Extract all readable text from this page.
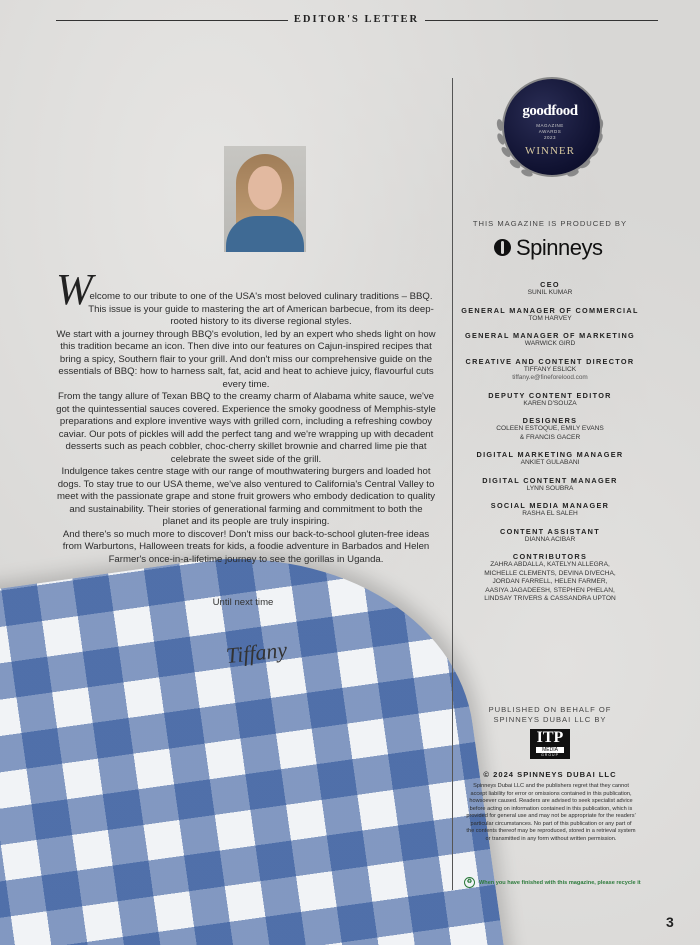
EDITOR'S LETTER
W

elcome to our tribute to one of the USA's most beloved culinary traditions – BBQ. This issue is your guide to mastering the art of American barbecue, from its deep-rooted history to its diverse regional styles.

We start with a journey through BBQ's evolution, led by an expert who sheds light on how this tradition became an icon. Then dive into our features on Cajun-inspired recipes that bring a spicy, Southern flair to your grill. And don't miss our comprehensive guide on the essentials of BBQ: how to harness salt, fat, acid and heat to achieve juicy, flavourful cuts every time.

From the tangy allure of Texan BBQ to the creamy charm of Alabama white sauce, we've got the quintessential sauces covered. Experience the smoky goodness of Memphis-style preparations and explore inventive ways with grilled corn, including a refreshing cowboy caviar. Our pots of pickles will add the perfect tang and we're wrapping up with decadent desserts such as peach cobbler, choc-cherry skillet brownie and charred lime pie that celebrate the sweet side of the grill.

Indulgence takes centre stage with our range of mouthwatering burgers and loaded hot dogs. To stay true to our USA theme, we've also ventured to California's Central Valley to meet with the passionate grape and stone fruit growers who embody dedication to quality and sustainability. Their stories of generational farming and commitment to both the planet and its people are truly inspiring.

And there's so much more to discover! Don't miss our back-to-school gluten-free ideas from Warburtons, Halloween treats for kids, a foodie adventure in Barbados and Helen Farmer's once-in-a-lifetime journey to see the gorillas in Uganda.

Until next time
Tiffany
goodfood
MAGAZINE
AWARDS
2023
WINNER
THIS MAGAZINE IS PRODUCED BY
Spinneys
CEO
SUNIL KUMAR
GENERAL MANAGER OF COMMERCIAL
TOM HARVEY
GENERAL MANAGER OF MARKETING
WARWICK GIRD
CREATIVE AND CONTENT DIRECTOR
TIFFANY ESLICK
tiffany.e@fineforelood.com
DEPUTY CONTENT EDITOR
KAREN D'SOUZA
DESIGNERS
COLEEN ESTOQUE, EMILY EVANS
& FRANCIS GACER
DIGITAL MARKETING MANAGER
ANKIET GULABANI
DIGITAL CONTENT MANAGER
LYNN SOUBRA
SOCIAL MEDIA MANAGER
RASHA EL SALEH
CONTENT ASSISTANT
DIANNA ACIBAR
CONTRIBUTORS
ZAHRA ABDALLA, KATELYN ALLEGRA,
MICHELLE CLEMENTS, DEVINA DIVECHA,
JORDAN FARRELL, HELEN FARMER,
AASIYA JAGADEESH, STEPHEN PHELAN,
LINDSAY TRIVERS & CASSANDRA UPTON
PUBLISHED ON BEHALF OF
SPINNEYS DUBAI LLC BY
ITP
MEDIA
GROUP
© 2024 SPINNEYS DUBAI LLC
Spinneys Dubai LLC and the publishers regret that they cannot accept liability for error or omissions contained in this publication, howsoever caused. Readers are advised to seek specialist advice before acting on information contained in this publication, which is provided for general use and may not be appropriate for the readers' particular circumstances. No part of this publication or any part of the contents thereof may be reproduced, stored in a retrieval system or transmitted in any form without written permission.
♻ When you have finished with this magazine, please recycle it
3
